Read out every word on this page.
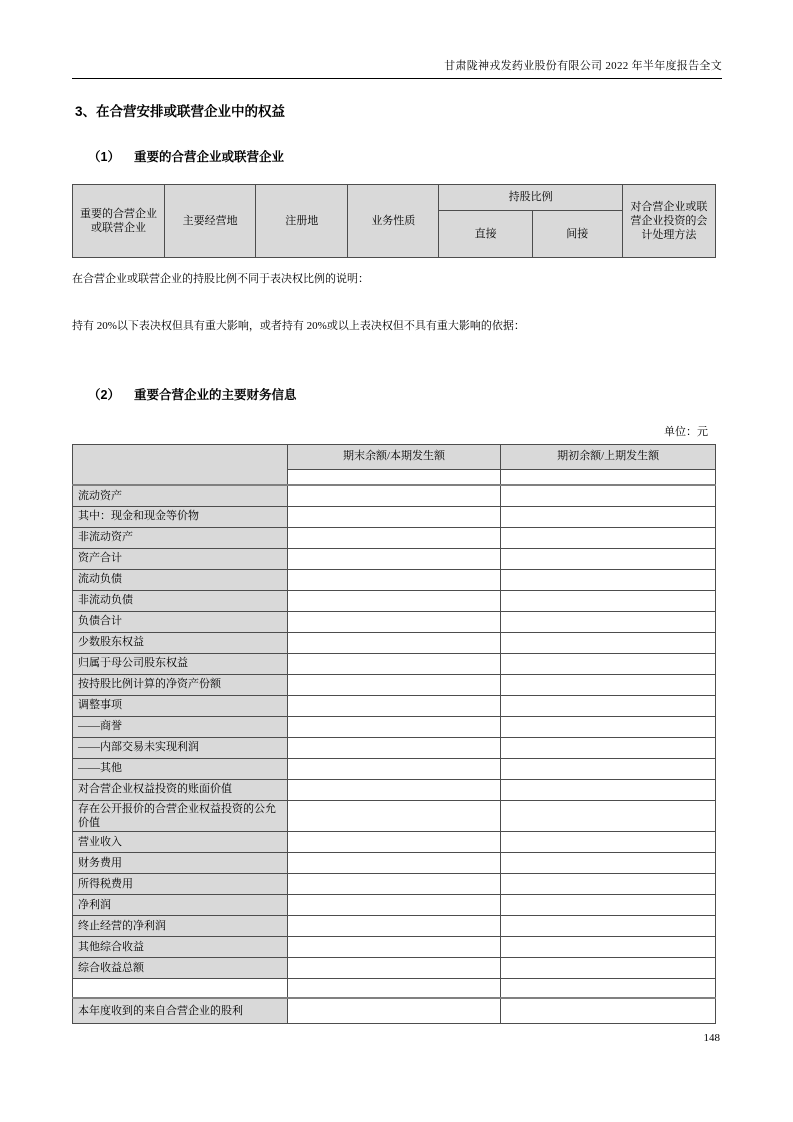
甘肃陇神戎发药业股份有限公司 2022 年半年度报告全文
3、在合营安排或联营企业中的权益
（1） 重要的合营企业或联营企业
重要的合营企业或联营企业	主要经营地	注册地	业务性质	持股比例		对合营企业或联营企业投资的会计处理方法
				直接	间接	
在合营企业或联营企业的持股比例不同于表决权比例的说明：
持有 20%以下表决权但具有重大影响，或者持有 20%或以上表决权但不具有重大影响的依据：
（2） 重要合营企业的主要财务信息
单位：元
	期末余额/本期发生额	期初余额/上期发生额

流动资产		
其中：现金和现金等价物		
非流动资产		
资产合计		
流动负债		
非流动负债		
负债合计		
少数股东权益		
归属于母公司股东权益		
按持股比例计算的净资产份额		
调整事项		
——商誉		
——内部交易未实现利润		
——其他		
对合营企业权益投资的账面价值		
存在公开报价的合营企业权益投资的公允价值		
营业收入		
财务费用		
所得税费用		
净利润		
终止经营的净利润		
其他综合收益		
综合收益总额		

本年度收到的来自合营企业的股利		
148
